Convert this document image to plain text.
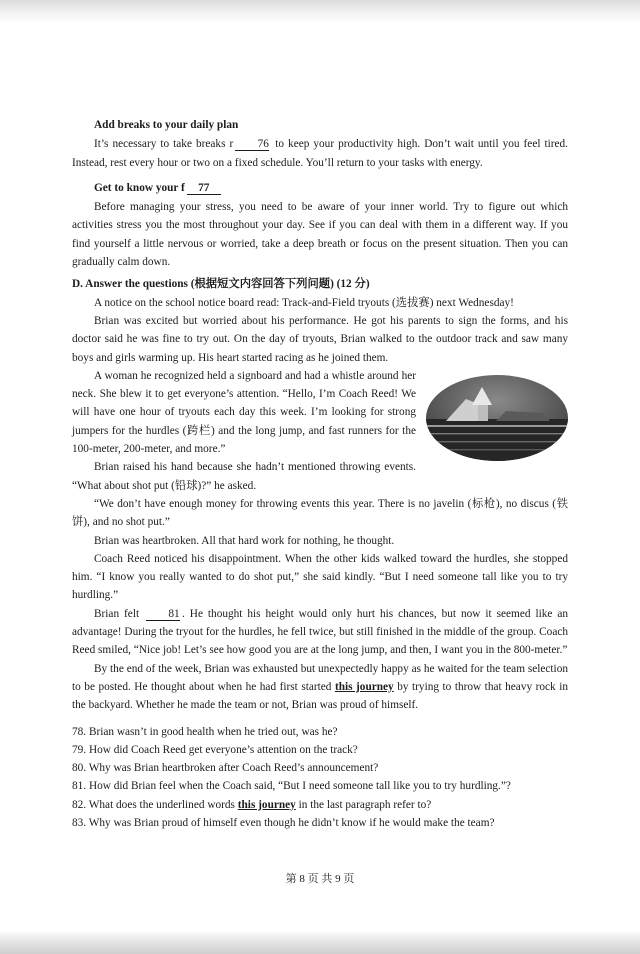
Add breaks to your daily plan

It’s necessary to take breaks r 76 to keep your productivity high. Don’t wait until you feel tired. Instead, rest every hour or two on a fixed schedule. You’ll return to your tasks with energy.

Get to know your f 77

Before managing your stress, you need to be aware of your inner world. Try to figure out which activities stress you the most throughout your day. See if you can deal with them in a different way. If you find yourself a little nervous or worried, take a deep breath or focus on the present situation. Then you can gradually calm down.

D. Answer the questions (根据短文内容回答下列问题) (12 分)

A notice on the school notice board read: Track-and-Field tryouts (选拔赛) next Wednesday!

Brian was excited but worried about his performance. He got his parents to sign the forms, and his doctor said he was fine to try out. On the day of tryouts, Brian walked to the outdoor track and saw many boys and girls warming up. His heart started racing as he joined them.

A woman he recognized held a signboard and had a whistle around her neck. She blew it to get everyone’s attention. “Hello, I’m Coach Reed! We will have one hour of tryouts each day this week. I’m looking for strong jumpers for the hurdles (跨栏) and the long jump, and fast runners for the 100-meter, 200-meter, and more.”

Brian raised his hand because she hadn’t mentioned throwing events. “What about shot put (铅球)?” he asked.

“We don’t have enough money for throwing events this year. There is no javelin (标枪), no discus (铁饼), and no shot put.”

Brian was heartbroken. All that hard work for nothing, he thought.

Coach Reed noticed his disappointment. When the other kids walked toward the hurdles, she stopped him. “I know you really wanted to do shot put,” she said kindly. “But I need someone tall like you to try hurdling.”

Brian felt 81 . He thought his height would only hurt his chances, but now it seemed like an advantage! During the tryout for the hurdles, he fell twice, but still finished in the middle of the group. Coach Reed smiled, “Nice job! Let’s see how good you are at the long jump, and then, I want you in the 800-meter.”

By the end of the week, Brian was exhausted but unexpectedly happy as he waited for the team selection to be posted. He thought about when he had first started this journey by trying to throw that heavy rock in the backyard. Whether he made the team or not, Brian was proud of himself.

78. Brian wasn’t in good health when he tried out, was he?

79. How did Coach Reed get everyone’s attention on the track?

80. Why was Brian heartbroken after Coach Reed’s announcement?

81. How did Brian feel when the Coach said, “But I need someone tall like you to try hurdling.”?

82. What does the underlined words this journey in the last paragraph refer to?

83. Why was Brian proud of himself even though he didn’t know if he would make the team?

第 8 页 共 9 页
